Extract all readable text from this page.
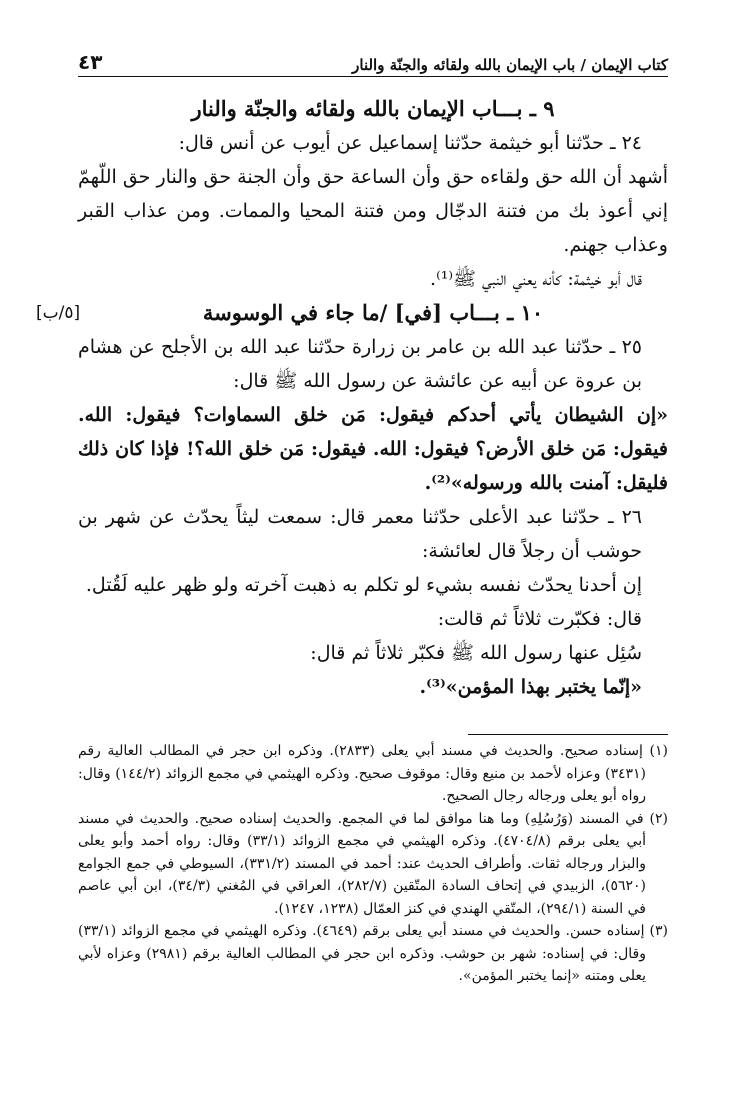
كتاب الإيمان / باب الإيمان بالله ولقائه والجنّة والنار
٤٣

٩ ـ بـــاب الإيمان بالله ولقائه والجنّة والنار

٢٤ ـ حدّثنا أبو خيثمة حدّثنا إسماعيل عن أيوب عن أنس قال:

أشهد أن الله حق ولقاءه حق وأن الساعة حق وأن الجنة حق والنار حق اللّهمّ إني أعوذ بك من فتنة الدجّال ومن فتنة المحيا والممات. ومن عذاب القبر وعذاب جهنم.

قال أبو خيثمة: كأنه يعني النبي ﷺ⁽¹⁾.

١٠ ـ بـــاب [في] /ما جاء في الوسوسة

[٥/ب]

٢٥ ـ حدّثنا عبد الله بن عامر بن زرارة حدّثنا عبد الله بن الأجلح عن هشام بن عروة عن أبيه عن عائشة عن رسول الله ﷺ قال:

«إن الشيطان يأتي أحدكم فيقول: مَن خلق السماوات؟ فيقول: الله. فيقول: مَن خلق الأرض؟ فيقول: الله. فيقول: مَن خلق الله؟! فإذا كان ذلك فليقل: آمنت بالله ورسوله»⁽²⁾.

٢٦ ـ حدّثنا عبد الأعلى حدّثنا معمر قال: سمعت ليثاً يحدّث عن شهر بن حوشب أن رجلاً قال لعائشة:

إن أحدنا يحدّث نفسه بشيء لو تكلم به ذهبت آخرته ولو ظهر عليه لَقُتل.

قال: فكبّرت ثلاثاً ثم قالت:

سُئِل عنها رسول الله ﷺ فكبّر ثلاثاً ثم قال:

«إنّما يختبر بهذا المؤمن»⁽³⁾.

(١) إسناده صحيح. والحديث في مسند أبي يعلى (٢٨٣٣). وذكره ابن حجر في المطالب العالية رقم (٣٤٣١) وعزاه لأحمد بن منيع وقال: موقوف صحيح. وذكره الهيثمي في مجمع الزوائد (١٤٤/٢) وقال: رواه أبو يعلى ورجاله رجال الصحيح.

(٢) في المسند (وَرُسُلِهِ) وما هنا موافق لما في المجمع. والحديث إسناده صحيح. والحديث في مسند أبي يعلى برقم (٤٧٠٤/٨). وذكره الهيثمي في مجمع الزوائد (٣٣/١) وقال: رواه أحمد وأبو يعلى والبزار ورجاله ثقات. وأطراف الحديث عند: أحمد في المسند (٣٣١/٢)، السيوطي في جمع الجوامع (٥٦٢٠)، الزبيدي في إتحاف السادة المتّقين (٢٨٢/٧)، العراقي في المُغني (٣٤/٣)، ابن أبي عاصم في السنة (٢٩٤/١)، المتّقي الهندي في كنز العمّال (١٢٣٨، ١٢٤٧).

(٣) إسناده حسن. والحديث في مسند أبي يعلى برقم (٤٦٤٩). وذكره الهيثمي في مجمع الزوائد (٣٣/١) وقال: في إسناده: شهر بن حوشب. وذكره ابن حجر في المطالب العالية برقم (٢٩٨١) وعزاه لأبي يعلى ومتنه «إنما يختبر المؤمن».
